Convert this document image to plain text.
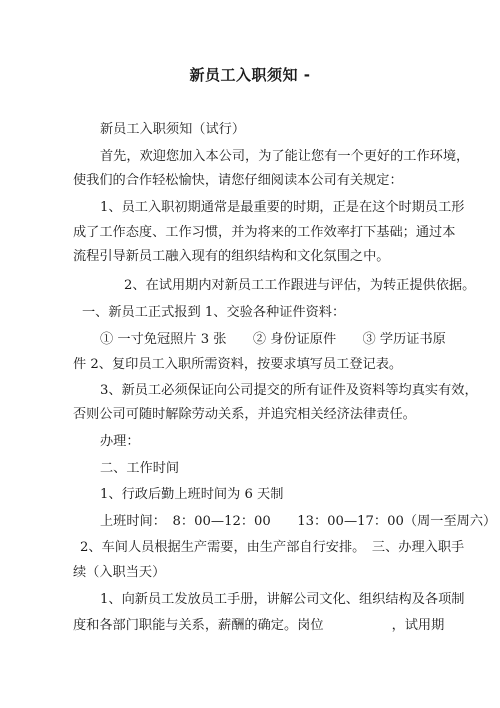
新员工入职须知 -
新员工入职须知（试行）
首先，欢迎您加入本公司，为了能让您有一个更好的工作环境，
使我们的合作轻松愉快，请您仔细阅读本公司有关规定：
1、员工入职初期通常是最重要的时期，正是在这个时期员工形
成了工作态度、工作习惯，并为将来的工作效率打下基础；通过本
流程引导新员工融入现有的组织结构和文化氛围之中。
2、在试用期内对新员工工作跟进与评估，为转正提供依据。
一、新员工正式报到 1、交验各种证件资料：
① 一寸免冠照片 3 张　　② 身份证原件　　③ 学历证书原
件 2、复印员工入职所需资料，按要求填写员工登记表。
3、新员工必须保证向公司提交的所有证件及资料等均真实有效，
否则公司可随时解除劳动关系，并追究相关经济法律责任。
办理：
二、工作时间
1、行政后勤上班时间为 6 天制
上班时间：　8：00—12：00　　13：00—17：00（周一至周六）
2、车间人员根据生产需要，由生产部自行安排。　三、办理入职手
续（入职当天）
1、向新员工发放员工手册，讲解公司文化、组织结构及各项制
度和各部门职能与关系，薪酬的确定。岗位	，试用期
